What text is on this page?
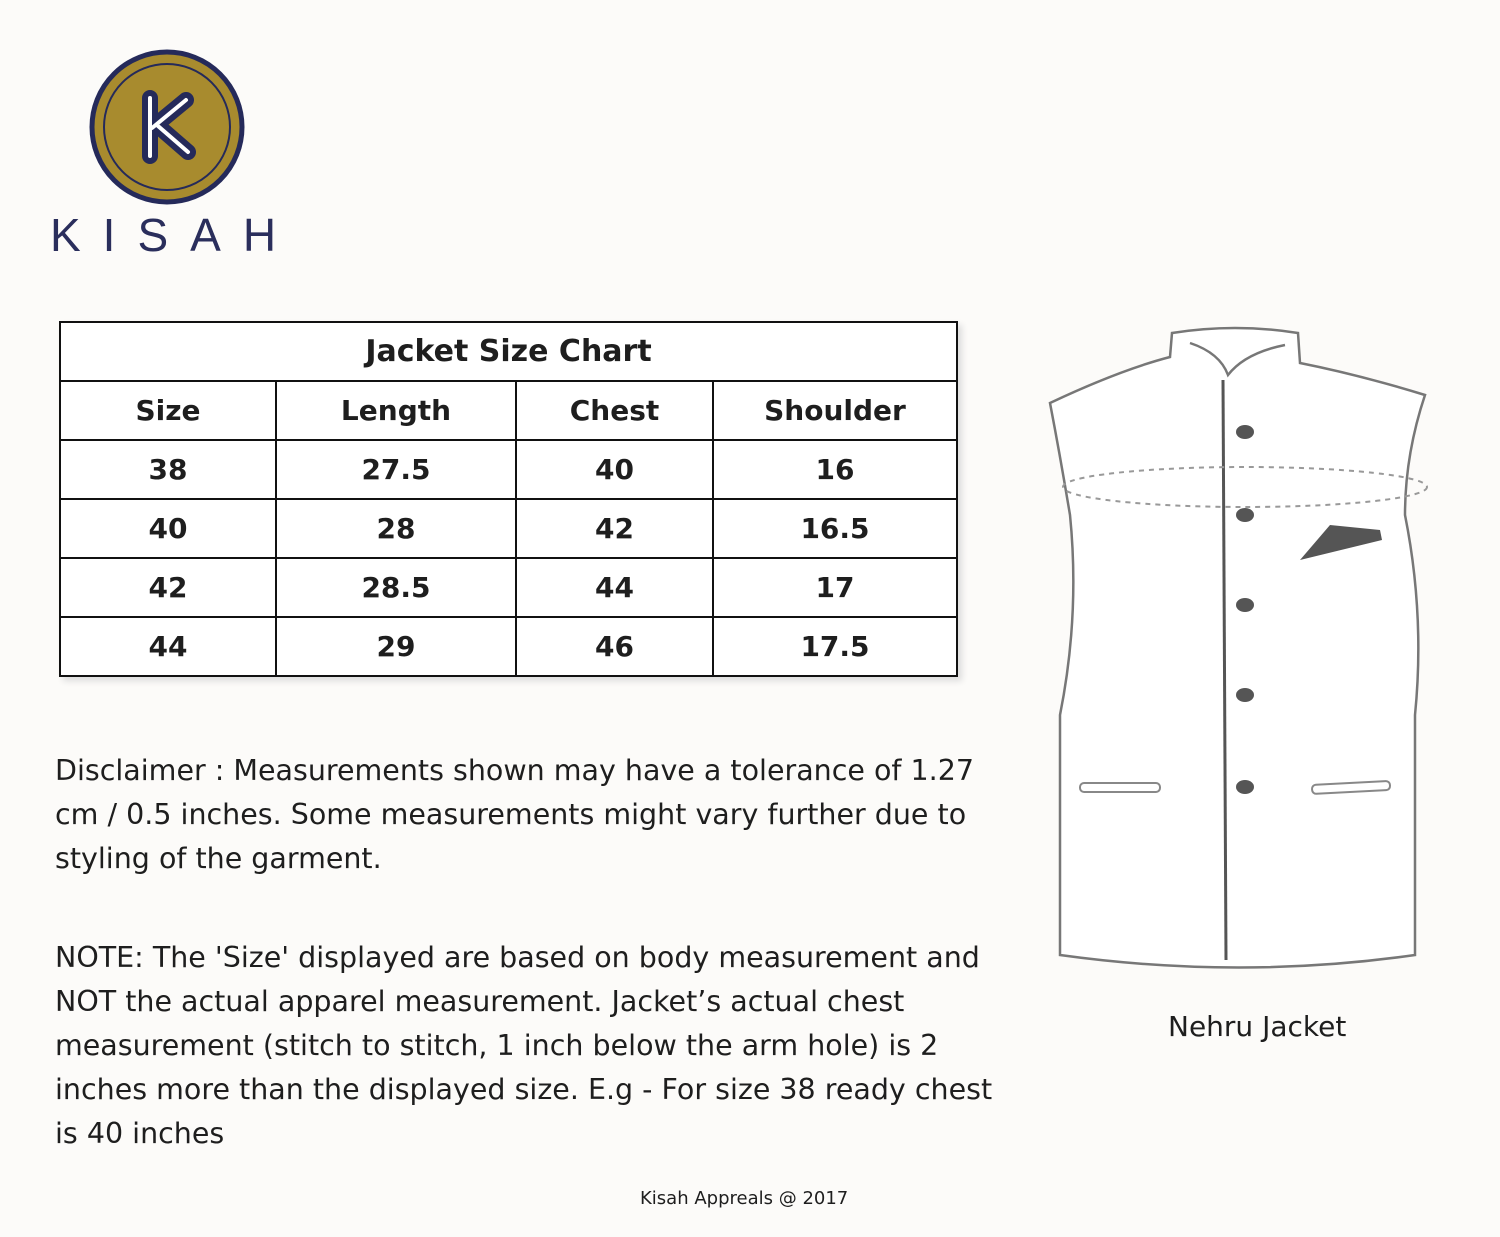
KISAH
Jacket Size Chart			
Size	Length	Chest	Shoulder
38	27.5	40	16
40	28	42	16.5
42	28.5	44	17
44	29	46	17.5
Disclaimer : Measurements shown may have a tolerance of 1.27 cm / 0.5 inches. Some measurements might vary further due to styling of the garment.
NOTE: The 'Size' displayed are based on body measurement and NOT the actual apparel measurement. Jacket’s actual chest measurement (stitch to stitch, 1 inch below the arm hole) is 2 inches more than the displayed size. E.g - For size 38 ready chest is 40 inches
Nehru Jacket
Kisah Appreals @ 2017
